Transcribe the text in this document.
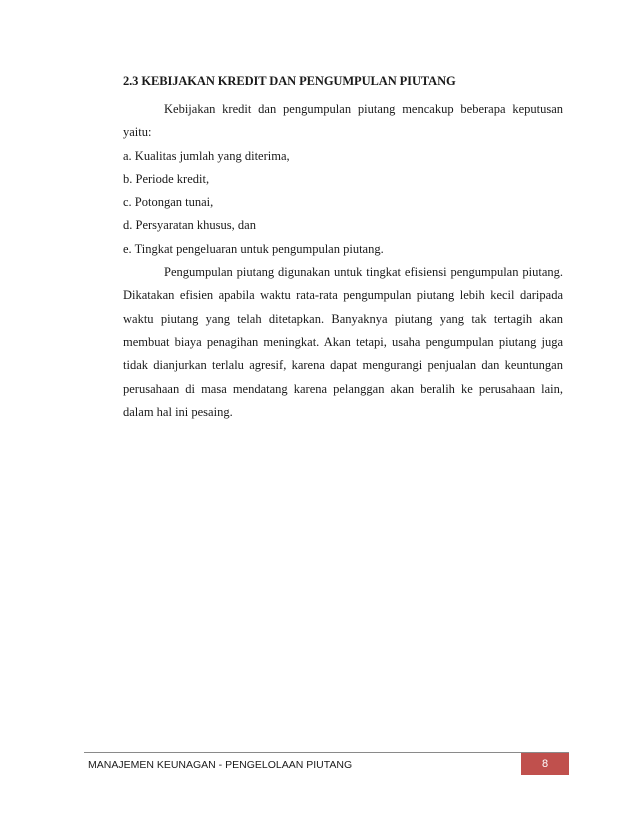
2.3 KEBIJAKAN KREDIT DAN PENGUMPULAN PIUTANG
Kebijakan kredit dan pengumpulan piutang mencakup beberapa keputusan
yaitu:
a. Kualitas jumlah yang diterima,
b. Periode kredit,
c. Potongan tunai,
d. Persyaratan khusus, dan
e. Tingkat pengeluaran untuk pengumpulan piutang.
Pengumpulan piutang digunakan untuk tingkat efisiensi pengumpulan piutang.
Dikatakan efisien apabila waktu rata-rata pengumpulan piutang lebih kecil daripada
waktu piutang yang telah ditetapkan. Banyaknya piutang yang tak tertagih akan
membuat biaya penagihan meningkat. Akan tetapi, usaha pengumpulan piutang juga
tidak dianjurkan terlalu agresif, karena dapat mengurangi penjualan dan keuntungan
perusahaan di masa mendatang karena pelanggan akan beralih ke perusahaan lain,
dalam hal ini pesaing.
MANAJEMEN KEUNAGAN - PENGELOLAAN PIUTANG	8
